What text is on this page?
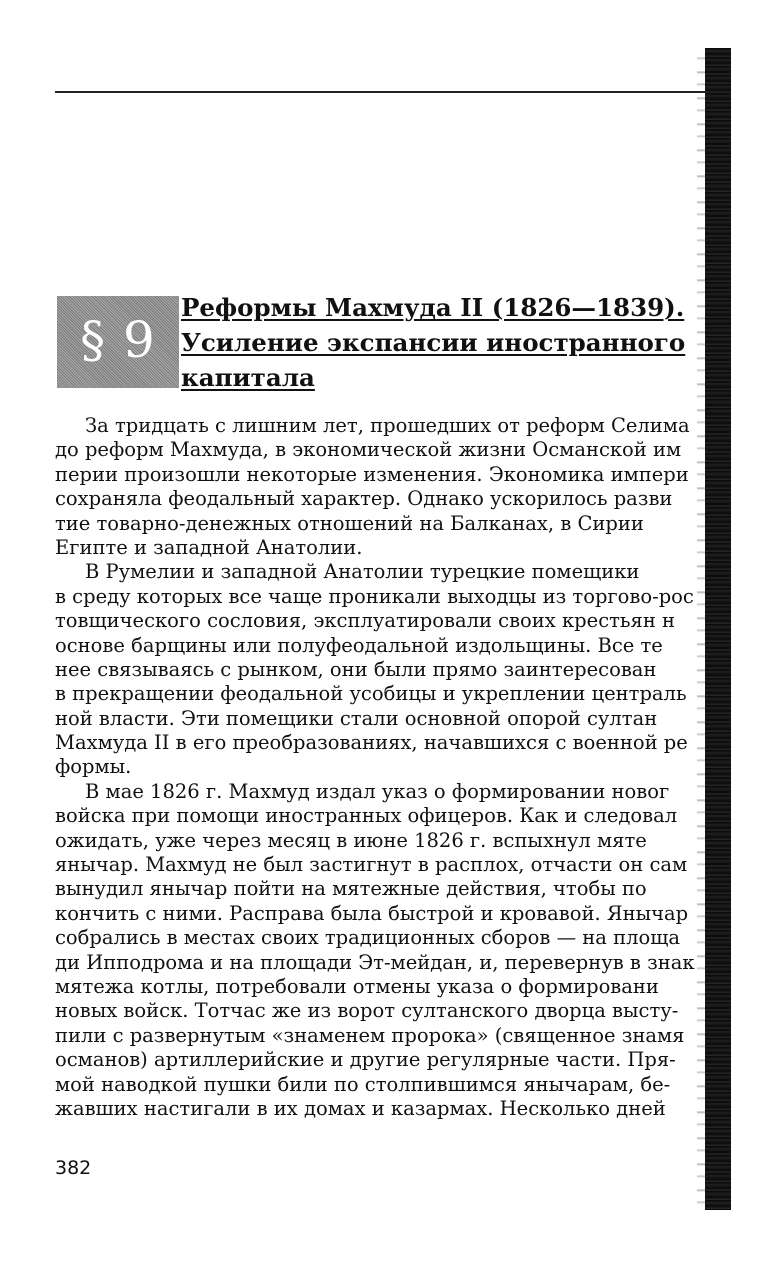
§ 9
Реформы Махмуда II (1826—1839).
Усиление экспансии иностранного
капитала
За тридцать с лишним лет, прошедших от реформ Селима
до реформ Махмуда, в экономической жизни Османской им
перии произошли некоторые изменения. Экономика импери
сохраняла феодальный характер. Однако ускорилось разви
тие товарно-денежных отношений на Балканах, в Сирии
Египте и западной Анатолии.
В Румелии и западной Анатолии турецкие помещики
в среду которых все чаще проникали выходцы из торгово-рос
товщического сословия, эксплуатировали своих крестьян н
основе барщины или полуфеодальной издольщины. Все те
нее связываясь с рынком, они были прямо заинтересован
в прекращении феодальной усобицы и укреплении централь
ной власти. Эти помещики стали основной опорой султан
Махмуда II в его преобразованиях, начавшихся с военной ре
формы.
В мае 1826 г. Махмуд издал указ о формировании новог
войска при помощи иностранных офицеров. Как и следовал
ожидать, уже через месяц в июне 1826 г. вспыхнул мяте
янычар. Махмуд не был застигнут в расплох, отчасти он сам
вынудил янычар пойти на мятежные действия, чтобы по
кончить с ними. Расправа была быстрой и кровавой. Янычар
собрались в местах своих традиционных сборов — на площа
ди Ипподрома и на площади Эт-мейдан, и, перевернув в знак
мятежа котлы, потребовали отмены указа о формировани
новых войск. Тотчас же из ворот султанского дворца высту-
пили с развернутым «знаменем пророка» (священное знамя
османов) артиллерийские и другие регулярные части. Пря-
мой наводкой пушки били по столпившимся янычарам, бе-
жавших настигали в их домах и казармах. Несколько дней
382
